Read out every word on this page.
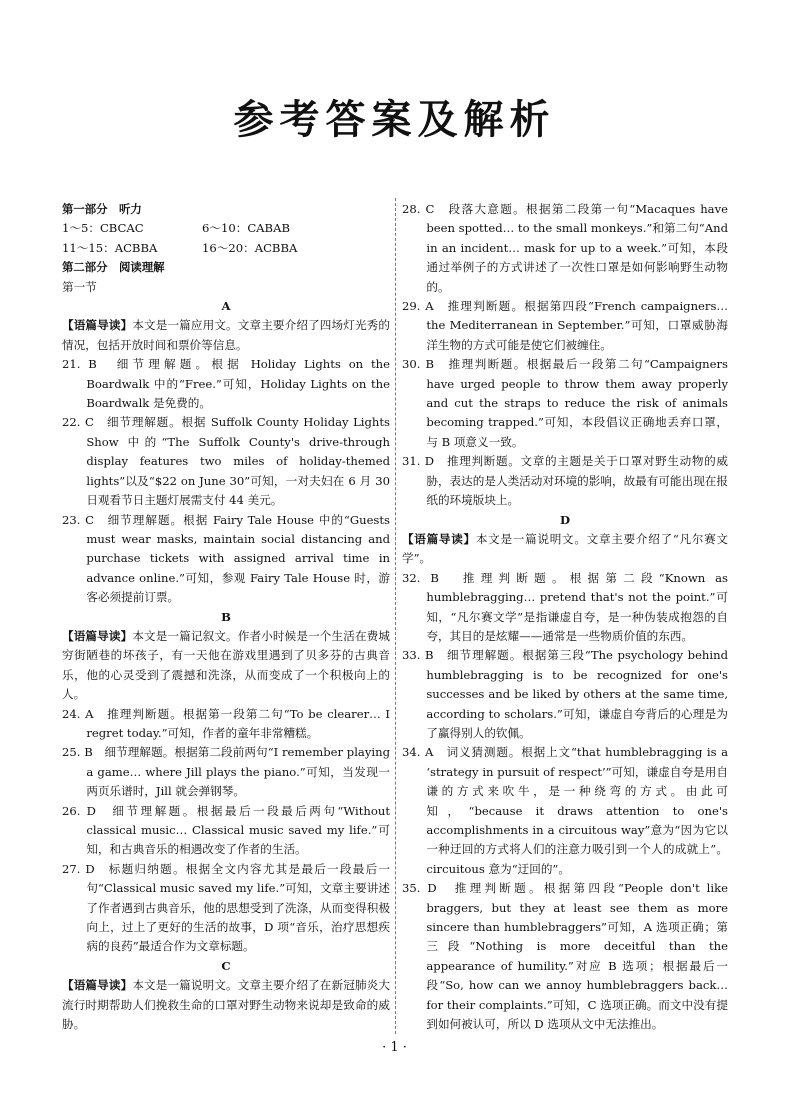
参考答案及解析

第一部分　听力

1～5：CBCAC	6～10：CABAB
11～15：ACBBA	16～20：ACBBA

第二部分　阅读理解

第一节

A

【语篇导读】本文是一篇应用文。文章主要介绍了四场灯光秀的情况，包括开放时间和票价等信息。

21. B　细节理解题。根据 Holiday Lights on the Boardwalk 中的“Free.”可知，Holiday Lights on the Boardwalk 是免费的。

22. C　细节理解题。根据 Suffolk County Holiday Lights Show 中的“The Suffolk County's drive-through display features two miles of holiday-themed lights”以及“$22 on June 30”可知，一对夫妇在 6 月 30 日观看节日主题灯展需支付 44 美元。

23. C　细节理解题。根据 Fairy Tale House 中的“Guests must wear masks, maintain social distancing and purchase tickets with assigned arrival time in advance online.”可知，参观 Fairy Tale House 时，游客必须提前订票。

B

【语篇导读】本文是一篇记叙文。作者小时候是一个生活在费城穷街陋巷的坏孩子，有一天他在游戏里遇到了贝多芬的古典音乐，他的心灵受到了震撼和洗涤，从而变成了一个积极向上的人。

24. A　推理判断题。根据第一段第二句“To be clearer… I regret today.”可知，作者的童年非常糟糕。

25. B　细节理解题。根据第二段前两句“I remember playing a game… where Jill plays the piano.”可知，当发现一两页乐谱时，Jill 就会弹钢琴。

26. D　细节理解题。根据最后一段最后两句“Without classical music… Classical music saved my life.”可知，和古典音乐的相遇改变了作者的生活。

27. D　标题归纳题。根据全文内容尤其是最后一段最后一句“Classical music saved my life.”可知，文章主要讲述了作者遇到古典音乐，他的思想受到了洗涤，从而变得积极向上，过上了更好的生活的故事，D 项“音乐，治疗思想疾病的良药”最适合作为文章标题。

C

【语篇导读】本文是一篇说明文。文章主要介绍了在新冠肺炎大流行时期帮助人们挽救生命的口罩对野生动物来说却是致命的威胁。

28. C　段落大意题。根据第二段第一句“Macaques have been spotted… to the small monkeys.”和第二句“And in an incident… mask for up to a week.”可知，本段通过举例子的方式讲述了一次性口罩是如何影响野生动物的。

29. A　推理判断题。根据第四段“French campaigners… the Mediterranean in September.”可知，口罩威胁海洋生物的方式可能是使它们被缠住。

30. B　推理判断题。根据最后一段第二句“Campaigners have urged people to throw them away properly and cut the straps to reduce the risk of animals becoming trapped.”可知，本段倡议正确地丢弃口罩，与 B 项意义一致。

31. D　推理判断题。文章的主题是关于口罩对野生动物的威胁，表达的是人类活动对环境的影响，故最有可能出现在报纸的环境版块上。

D

【语篇导读】本文是一篇说明文。文章主要介绍了“凡尔赛文学”。

32. B　推理判断题。根据第二段“Known as humblebragging… pretend that's not the point.”可知，“凡尔赛文学”是指谦虚自夸，是一种伪装成抱怨的自夸，其目的是炫耀——通常是一些物质价值的东西。

33. B　细节理解题。根据第三段“The psychology behind humblebragging is to be recognized for one's successes and be liked by others at the same time, according to scholars.”可知，谦虚自夸背后的心理是为了赢得别人的钦佩。

34. A　词义猜测题。根据上文“that humblebragging is a ‘strategy in pursuit of respect’”可知，谦虚自夸是用自谦的方式来吹牛，是一种绕弯的方式。由此可知，“because it draws attention to one's accomplishments in a circuitous way”意为“因为它以一种迂回的方式将人们的注意力吸引到一个人的成就上”。circuitous 意为“迂回的”。

35. D　推理判断题。根据第四段“People don't like braggers, but they at least see them as more sincere than humblebraggers”可知，A 选项正确；第三段“Nothing is more deceitful than the appearance of humility.”对应 B 选项；根据最后一段“So, how can we annoy humblebraggers back… for their complaints.”可知，C 选项正确。而文中没有提到如何被认可，所以 D 选项从文中无法推出。

· 1 ·
